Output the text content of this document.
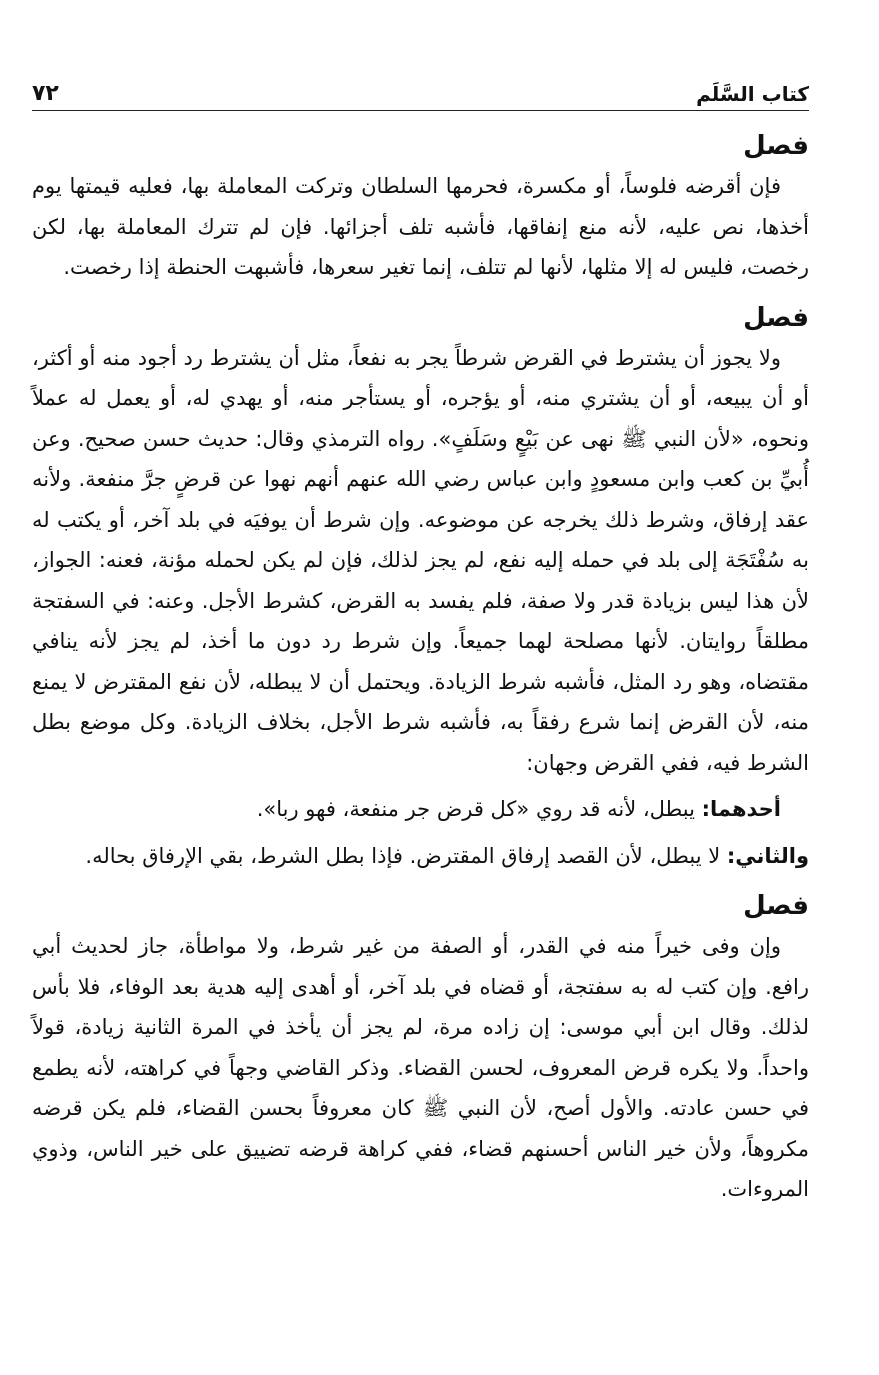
كتاب السَّلَم
٧٢
فصل

فإن أقرضه فلوساً، أو مكسرة، فحرمها السلطان وتركت المعاملة بها، فعليه قيمتها يوم أخذها، نص عليه، لأنه منع إنفاقها، فأشبه تلف أجزائها. فإن لم تترك المعاملة بها، لكن رخصت، فليس له إلا مثلها، لأنها لم تتلف، إنما تغير سعرها، فأشبهت الحنطة إذا رخصت.

فصل

ولا يجوز أن يشترط في القرض شرطاً يجر به نفعاً، مثل أن يشترط رد أجود منه أو أكثر، أو أن يبيعه، أو أن يشتري منه، أو يؤجره، أو يستأجر منه، أو يهدي له، أو يعمل له عملاً ونحوه، «لأن النبي ﷺ نهى عن بَيْعٍ وسَلَفٍ». رواه الترمذي وقال: حديث حسن صحيح. وعن أُبيِّ بن كعب وابن مسعودٍ وابن عباس رضي الله عنهم أنهم نهوا عن قرضٍ جرَّ منفعة. ولأنه عقد إرفاق، وشرط ذلك يخرجه عن موضوعه. وإن شرط أن يوفيَه في بلد آخر، أو يكتب له به سُفْتَجَة إلى بلد في حمله إليه نفع، لم يجز لذلك، فإن لم يكن لحمله مؤنة، فعنه: الجواز، لأن هذا ليس بزيادة قدر ولا صفة، فلم يفسد به القرض، كشرط الأجل. وعنه: في السفتجة مطلقاً روايتان. لأنها مصلحة لهما جميعاً. وإن شرط رد دون ما أخذ، لم يجز لأنه ينافي مقتضاه، وهو رد المثل، فأشبه شرط الزيادة. ويحتمل أن لا يبطله، لأن نفع المقترض لا يمنع منه، لأن القرض إنما شرع رفقاً به، فأشبه شرط الأجل، بخلاف الزيادة. وكل موضع بطل الشرط فيه، ففي القرض وجهان:

أحدهما: يبطل، لأنه قد روي «كل قرض جر منفعة، فهو ربا».

والثاني: لا يبطل، لأن القصد إرفاق المقترض. فإذا بطل الشرط، بقي الإرفاق بحاله.

فصل

وإن وفى خيراً منه في القدر، أو الصفة من غير شرط، ولا مواطأة، جاز لحديث أبي رافع. وإن كتب له به سفتجة، أو قضاه في بلد آخر، أو أهدى إليه هدية بعد الوفاء، فلا بأس لذلك. وقال ابن أبي موسى: إن زاده مرة، لم يجز أن يأخذ في المرة الثانية زيادة، قولاً واحداً. ولا يكره قرض المعروف، لحسن القضاء. وذكر القاضي وجهاً في كراهته، لأنه يطمع في حسن عادته. والأول أصح، لأن النبي ﷺ كان معروفاً بحسن القضاء، فلم يكن قرضه مكروهاً، ولأن خير الناس أحسنهم قضاء، ففي كراهة قرضه تضييق على خير الناس، وذوي المروءات.
